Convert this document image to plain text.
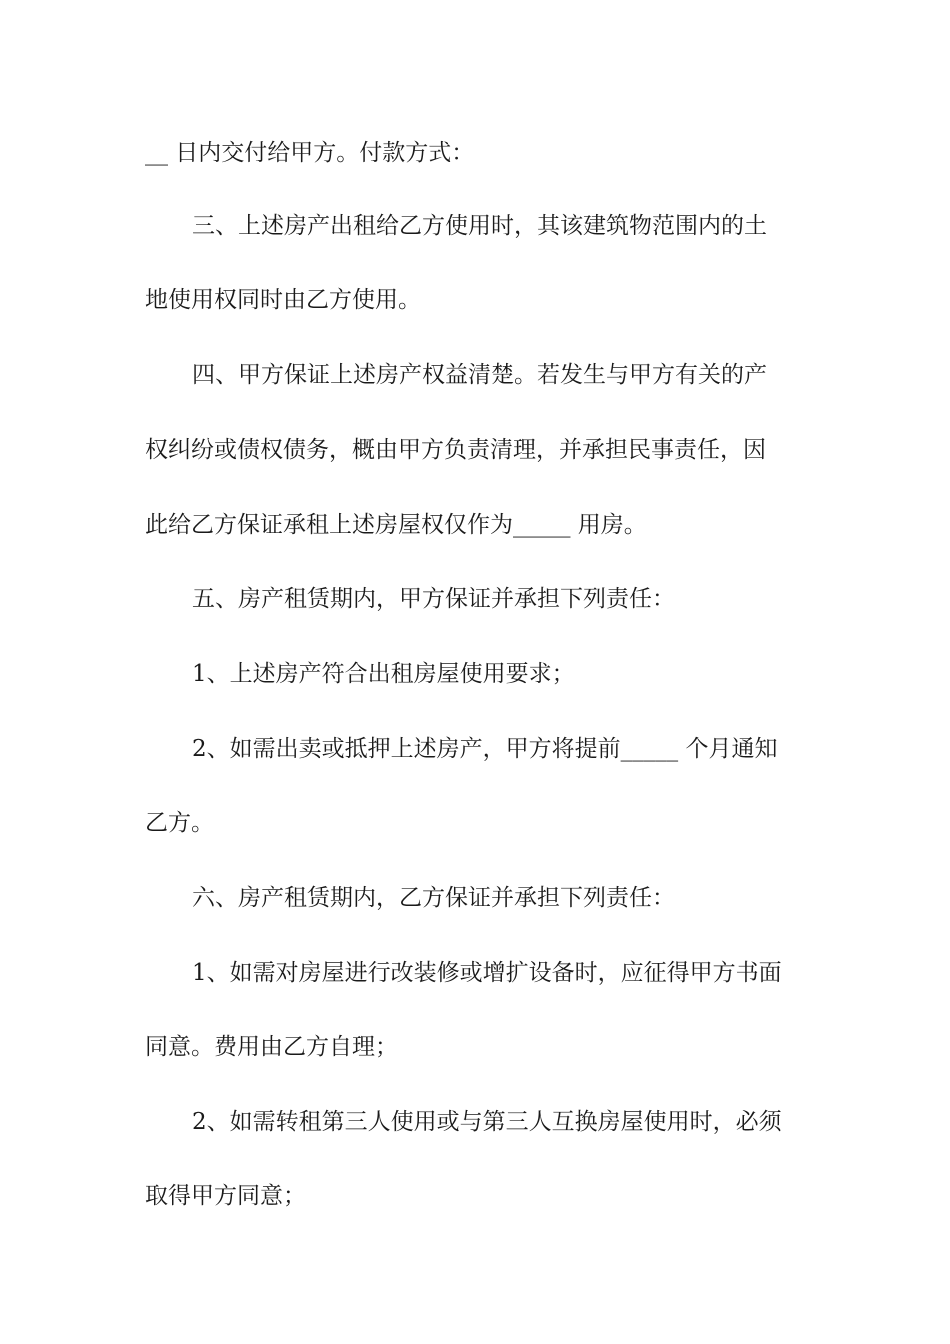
__ 日内交付给甲方。付款方式：
三、上述房产出租给乙方使用时，其该建筑物范围内的土
地使用权同时由乙方使用。
四、甲方保证上述房产权益清楚。若发生与甲方有关的产
权纠纷或债权债务，概由甲方负责清理，并承担民事责任，因
此给乙方保证承租上述房屋权仅作为_____ 用房。
五、房产租赁期内，甲方保证并承担下列责任：
1、上述房产符合出租房屋使用要求；
2、如需出卖或抵押上述房产，甲方将提前_____ 个月通知
乙方。
六、房产租赁期内，乙方保证并承担下列责任：
1、如需对房屋进行改装修或增扩设备时，应征得甲方书面
同意。费用由乙方自理；
2、如需转租第三人使用或与第三人互换房屋使用时，必须
取得甲方同意；
